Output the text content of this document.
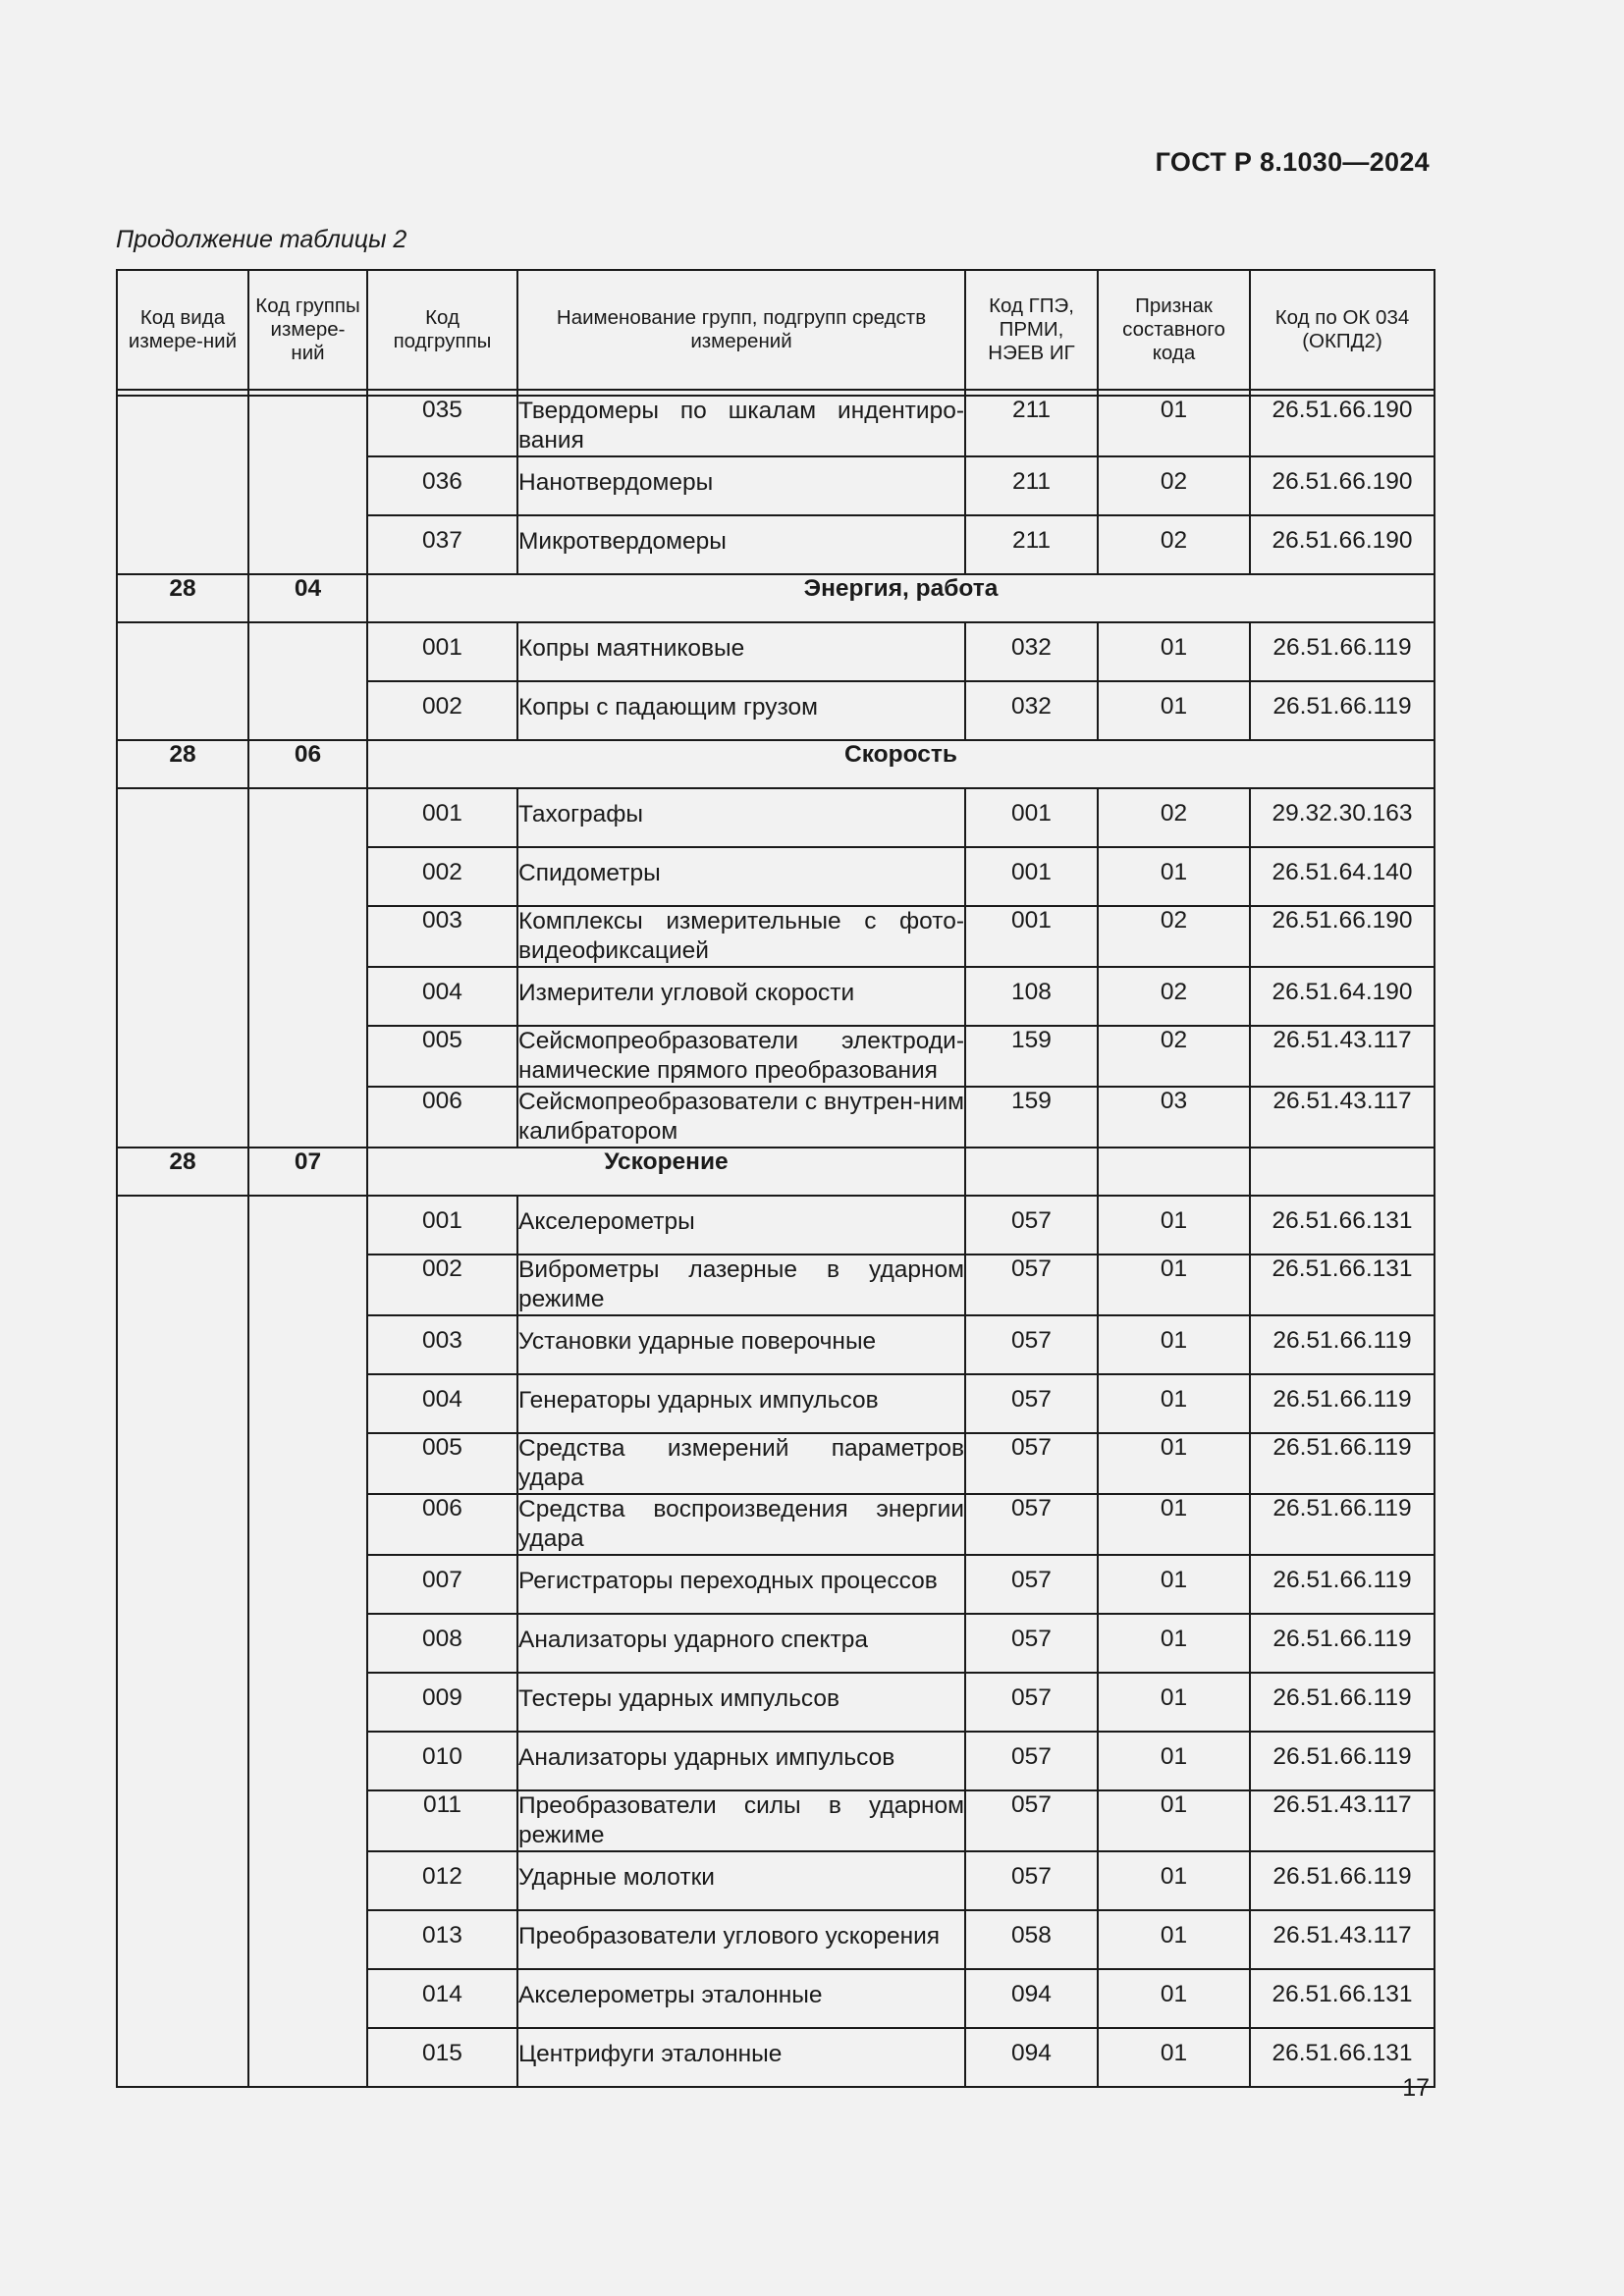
ГОСТ Р 8.1030—2024
Продолжение таблицы 2
Код вида измере-ний	Код группы измере-ний	Код подгруппы	Наименование групп, подгрупп средств измерений	Код ГПЭ, ПРМИ, НЭЕВ ИГ	Признак составного кода	Код по ОК 034 (ОКПД2)

		035	Твердомеры по шкалам индентиро-вания	211	01	26.51.66.190
		036	Нанотвердомеры	211	02	26.51.66.190
		037	Микротвердомеры	211	02	26.51.66.190
28	04	Энергия, работа				
		001	Копры маятниковые	032	01	26.51.66.119
		002	Копры с падающим грузом	032	01	26.51.66.119
28	06	Скорость				
		001	Тахографы	001	02	29.32.30.163
		002	Спидометры	001	01	26.51.64.140
		003	Комплексы измерительные с фото-видеофиксацией	001	02	26.51.66.190
		004	Измерители угловой скорости	108	02	26.51.64.190
		005	Сейсмопреобразователи электроди-намические прямого преобразования	159	02	26.51.43.117
		006	Сейсмопреобразователи с внутрен-ним калибратором	159	03	26.51.43.117
28	07	Ускорение				
		001	Акселерометры	057	01	26.51.66.131
		002	Виброметры лазерные в ударном режиме	057	01	26.51.66.131
		003	Установки ударные поверочные	057	01	26.51.66.119
		004	Генераторы ударных импульсов	057	01	26.51.66.119
		005	Средства измерений параметров удара	057	01	26.51.66.119
		006	Средства воспроизведения энергии удара	057	01	26.51.66.119
		007	Регистраторы переходных процессов	057	01	26.51.66.119
		008	Анализаторы ударного спектра	057	01	26.51.66.119
		009	Тестеры ударных импульсов	057	01	26.51.66.119
		010	Анализаторы ударных импульсов	057	01	26.51.66.119
		011	Преобразователи силы в ударном режиме	057	01	26.51.43.117
		012	Ударные молотки	057	01	26.51.66.119
		013	Преобразователи углового ускорения	058	01	26.51.43.117
		014	Акселерометры эталонные	094	01	26.51.66.131
		015	Центрифуги эталонные	094	01	26.51.66.131
17
